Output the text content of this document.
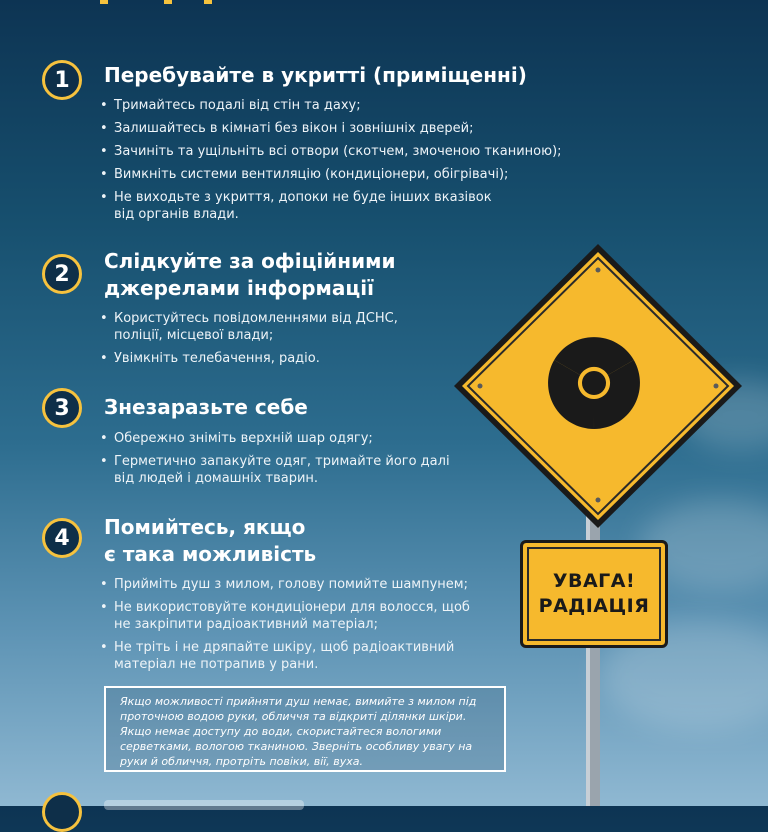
1	Перебувайте в укритті (приміщенні)
• Тримайтесь подалі від стін та даху;
• Залишайтесь в кімнаті без вікон і зовнішніх дверей;
• Зачиніть та ущільніть всі отвори (скотчем, змоченою тканиною);
• Вимкніть системи вентиляцію (кондиціонери, обігрівачі);
• Не виходьте з укриття, допоки не буде інших вказівок
від органів влади.
2
Слідкуйте за офіційними
джерелами інформації
• Користуйтесь повідомленнями від ДСНС,
поліції, місцевої влади;
• Увімкніть телебачення, радіо.
3	Знезаразьте себе
• Обережно зніміть верхній шар одягу;
• Герметично запакуйте одяг, тримайте його далі
від людей і домашніх тварин.
4	Помийтесь, якщо
є така можливість
• Прийміть душ з милом, голову помийте шампунем;
• Не використовуйте кондиціонери для волосся, щоб
не закріпити радіоактивний матеріал;
• Не тріть і не дряпайте шкіру, щоб радіоактивний
матеріал не потрапив у рани.
Якщо можливості прийняти душ немає, вимийте з милом під
проточною водою руки, обличчя та відкриті ділянки шкіри.
Якщо немає доступу до води, скористайтеся вологими
серветками, вологою тканиною. Зверніть особливу увагу на
руки й обличчя, протріть повіки, вії, вуха.
УВАГА!
РАДІАЦІЯ
